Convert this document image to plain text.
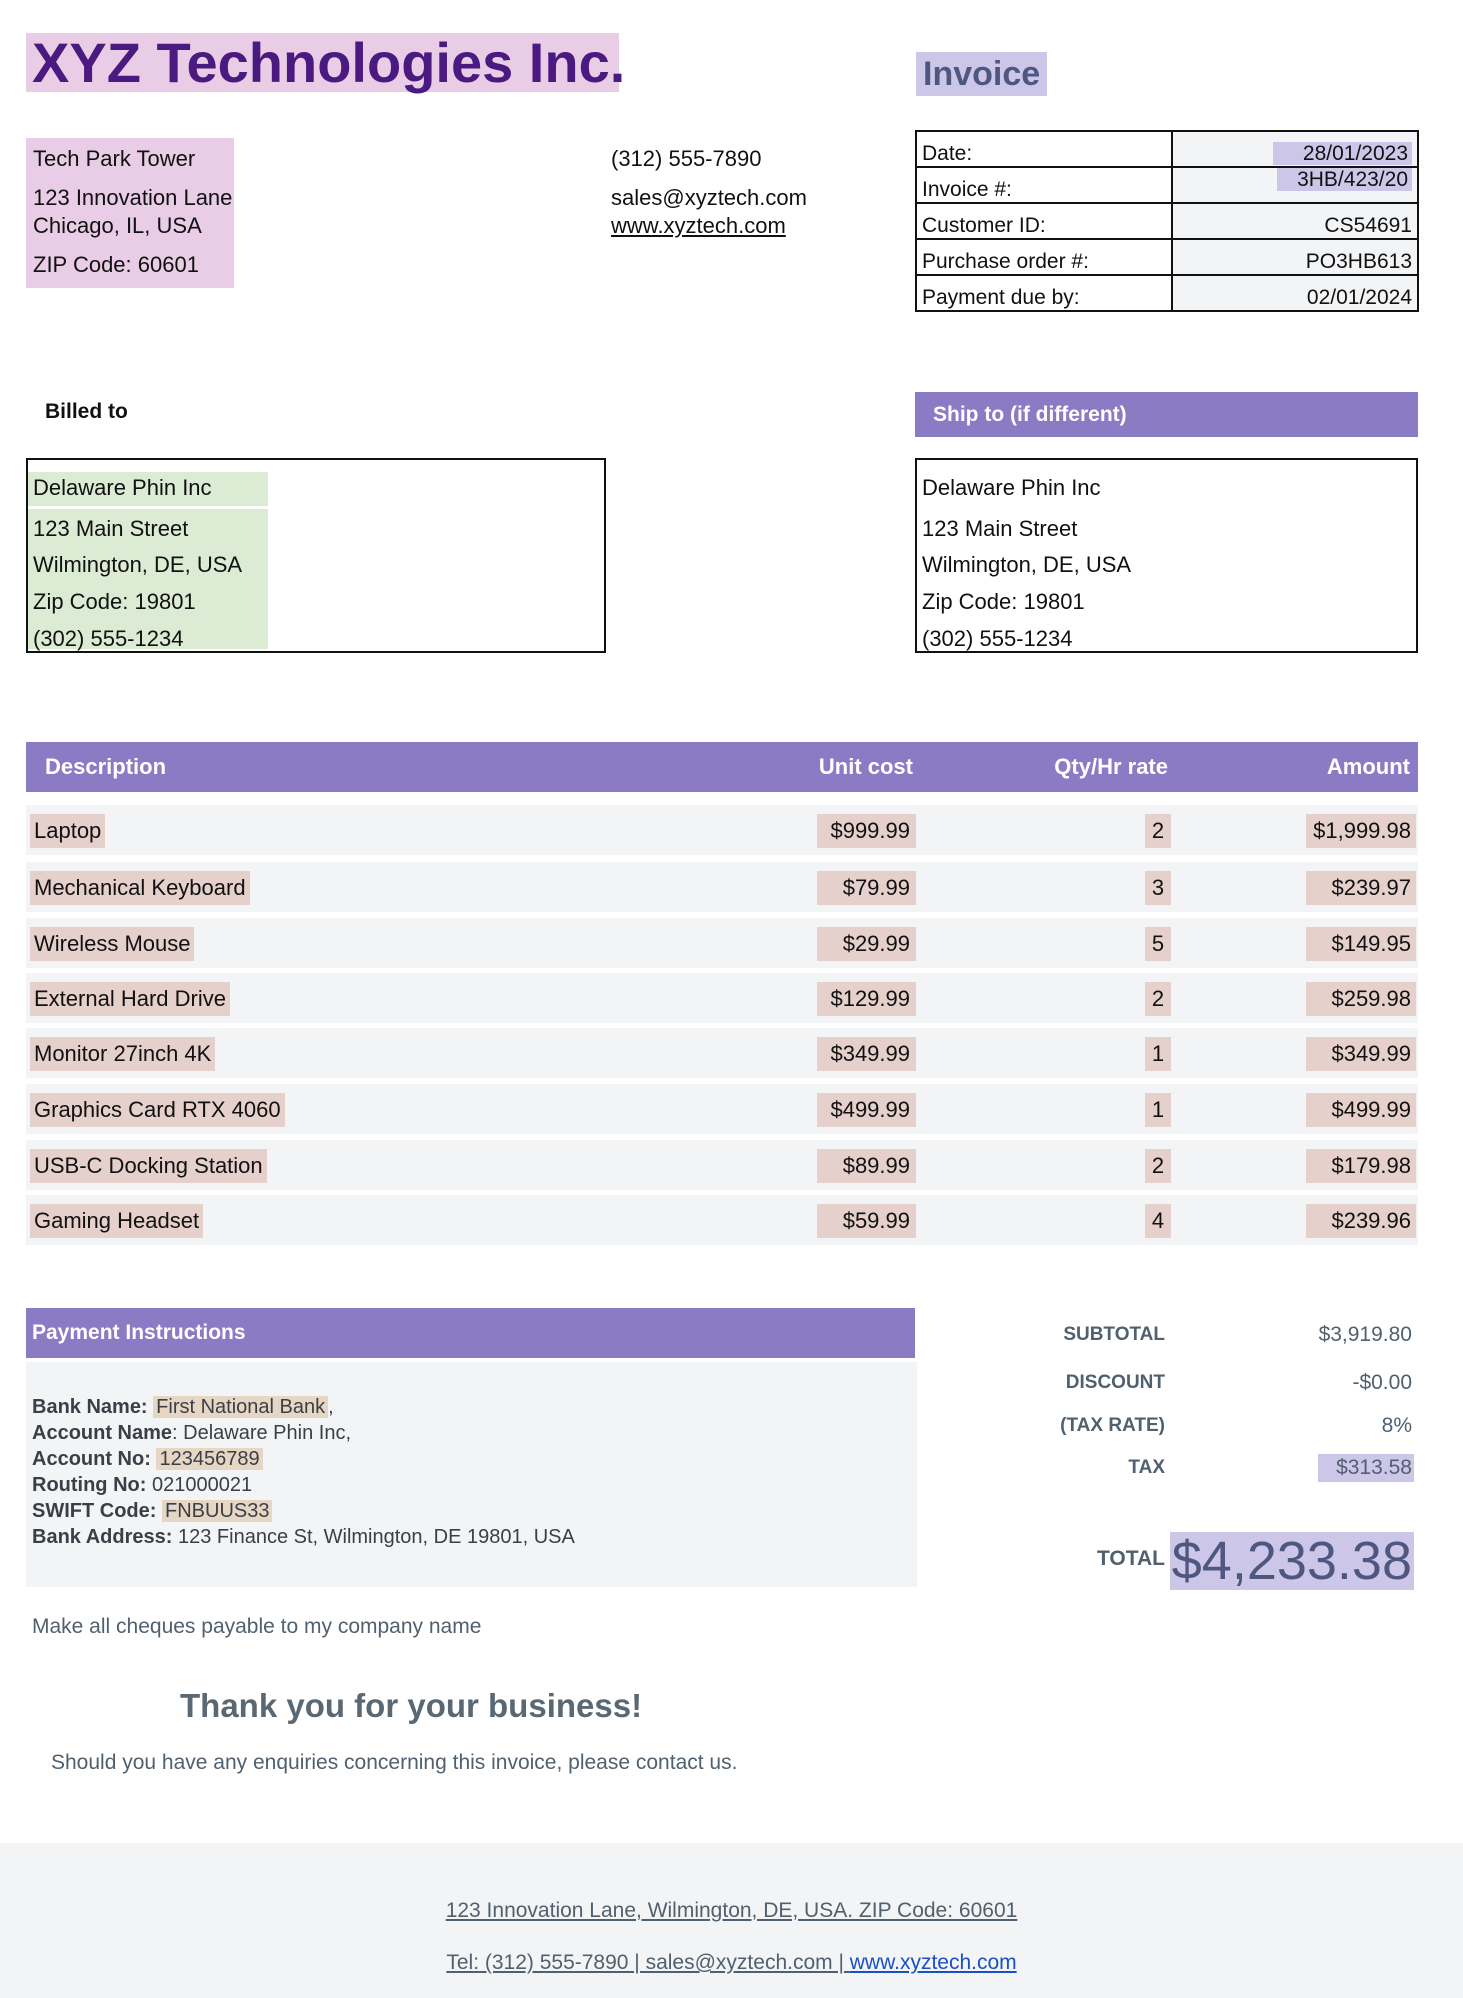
XYZ Technologies Inc.	Invoice
Tech Park Tower
123 Innovation Lane
Chicago, IL, USA
ZIP Code: 60601
(312) 555-7890
sales@xyztech.com
www.xyztech.com
Date:	28/01/2023
Invoice #:	3HB/423/20
Customer ID:	CS54691
Purchase order #:	PO3HB613
Payment due by:	02/01/2024
Billed to	Ship to (if different)
Delaware Phin Inc
123 Main Street
Wilmington, DE, USA
Zip Code: 19801
(302) 555-1234
Delaware Phin Inc
123 Main Street
Wilmington, DE, USA
Zip Code: 19801
(302) 555-1234
Description	Unit cost	Qty/Hr rate	Amount
Laptop	$999.99	2	$1,999.98
Mechanical Keyboard	$79.99	3	$239.97
Wireless Mouse	$29.99	5	$149.95
External Hard Drive	$129.99	2	$259.98
Monitor 27inch 4K	$349.99	1	$349.99
Graphics Card RTX 4060	$499.99	1	$499.99
USB-C Docking Station	$89.99	2	$179.98
Gaming Headset	$59.99	4	$239.96
Payment Instructions
Bank Name: First National Bank ,
Account Name: Delaware Phin Inc,
Account No: 123456789
Routing No: 021000021
SWIFT Code: FNBUUS33
Bank Address: 123 Finance St, Wilmington, DE 19801, USA
SUBTOTAL	$3,919.80
DISCOUNT	-$0.00
(TAX RATE)	8%
TAX	$313.58
TOTAL $4,233.38
Make all cheques payable to my company name
Thank you for your business!
Should you have any enquiries concerning this invoice, please contact us.
123 Innovation Lane, Wilmington, DE, USA. ZIP Code: 60601
Tel: (312) 555-7890 | sales@xyztech.com | www.xyztech.com
